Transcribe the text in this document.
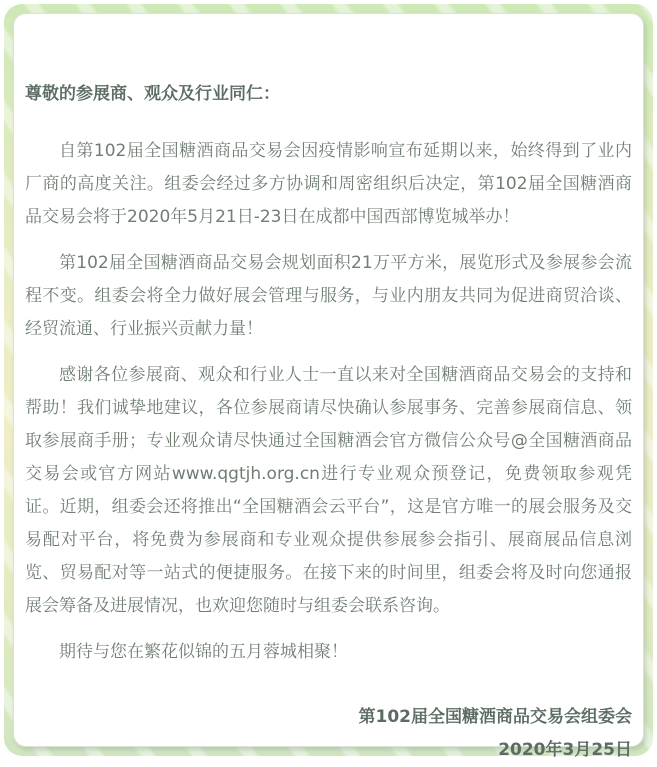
尊敬的参展商、观众及行业同仁：

自第102届全国糖酒商品交易会因疫情影响宣布延期以来，始终得到了业内厂商的高度关注。组委会经过多方协调和周密组织后决定，第102届全国糖酒商品交易会将于2020年5月21日-23日在成都中国西部博览城举办！

第102届全国糖酒商品交易会规划面积21万平方米，展览形式及参展参会流程不变。组委会将全力做好展会管理与服务，与业内朋友共同为促进商贸洽谈、经贸流通、行业振兴贡献力量！

感谢各位参展商、观众和行业人士一直以来对全国糖酒商品交易会的支持和帮助！我们诚挚地建议，各位参展商请尽快确认参展事务、完善参展商信息、领取参展商手册；专业观众请尽快通过全国糖酒会官方微信公众号@全国糖酒商品交易会或官方网站www.qgtjh.org.cn进行专业观众预登记，免费领取参观凭证。近期，组委会还将推出“全国糖酒会云平台”，这是官方唯一的展会服务及交易配对平台，将免费为参展商和专业观众提供参展参会指引、展商展品信息浏览、贸易配对等一站式的便捷服务。在接下来的时间里，组委会将及时向您通报展会筹备及进展情况，也欢迎您随时与组委会联系咨询。

期待与您在繁花似锦的五月蓉城相聚！

第102届全国糖酒商品交易会组委会

2020年3月25日
